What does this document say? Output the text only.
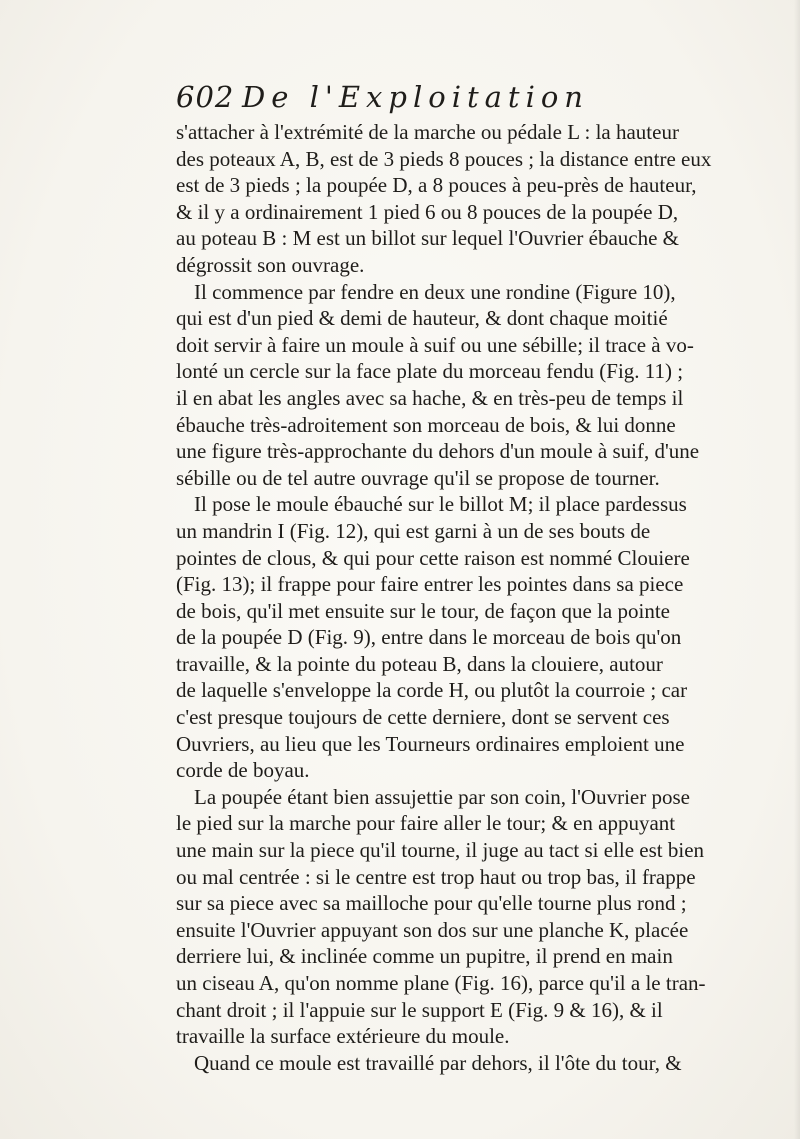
602 De l'Exploitation
s'attacher à l'extrémité de la marche ou pédale L : la hauteur
des poteaux A, B, est de 3 pieds 8 pouces ; la distance entre eux
est de 3 pieds ; la poupée D, a 8 pouces à peu-près de hauteur,
& il y a ordinairement 1 pied 6 ou 8 pouces de la poupée D,
au poteau B : M est un billot sur lequel l'Ouvrier ébauche &
dégrossit son ouvrage.
Il commence par fendre en deux une rondine (Figure 10),
qui est d'un pied & demi de hauteur, & dont chaque moitié
doit servir à faire un moule à suif ou une sébille; il trace à vo-
lonté un cercle sur la face plate du morceau fendu (Fig. 11) ;
il en abat les angles avec sa hache, & en très-peu de temps il
ébauche très-adroitement son morceau de bois, & lui donne
une figure très-approchante du dehors d'un moule à suif, d'une
sébille ou de tel autre ouvrage qu'il se propose de tourner.
Il pose le moule ébauché sur le billot M; il place pardessus
un mandrin I (Fig. 12), qui est garni à un de ses bouts de
pointes de clous, & qui pour cette raison est nommé Clouiere
(Fig. 13); il frappe pour faire entrer les pointes dans sa piece
de bois, qu'il met ensuite sur le tour, de façon que la pointe
de la poupée D (Fig. 9), entre dans le morceau de bois qu'on
travaille, & la pointe du poteau B, dans la clouiere, autour
de laquelle s'enveloppe la corde H, ou plutôt la courroie ; car
c'est presque toujours de cette derniere, dont se servent ces
Ouvriers, au lieu que les Tourneurs ordinaires emploient une
corde de boyau.
La poupée étant bien assujettie par son coin, l'Ouvrier pose
le pied sur la marche pour faire aller le tour; & en appuyant
une main sur la piece qu'il tourne, il juge au tact si elle est bien
ou mal centrée : si le centre est trop haut ou trop bas, il frappe
sur sa piece avec sa mailloche pour qu'elle tourne plus rond ;
ensuite l'Ouvrier appuyant son dos sur une planche K, placée
derriere lui, & inclinée comme un pupitre, il prend en main
un ciseau A, qu'on nomme plane (Fig. 16), parce qu'il a le tran-
chant droit ; il l'appuie sur le support E (Fig. 9 & 16), & il
travaille la surface extérieure du moule.
Quand ce moule est travaillé par dehors, il l'ôte du tour, &
